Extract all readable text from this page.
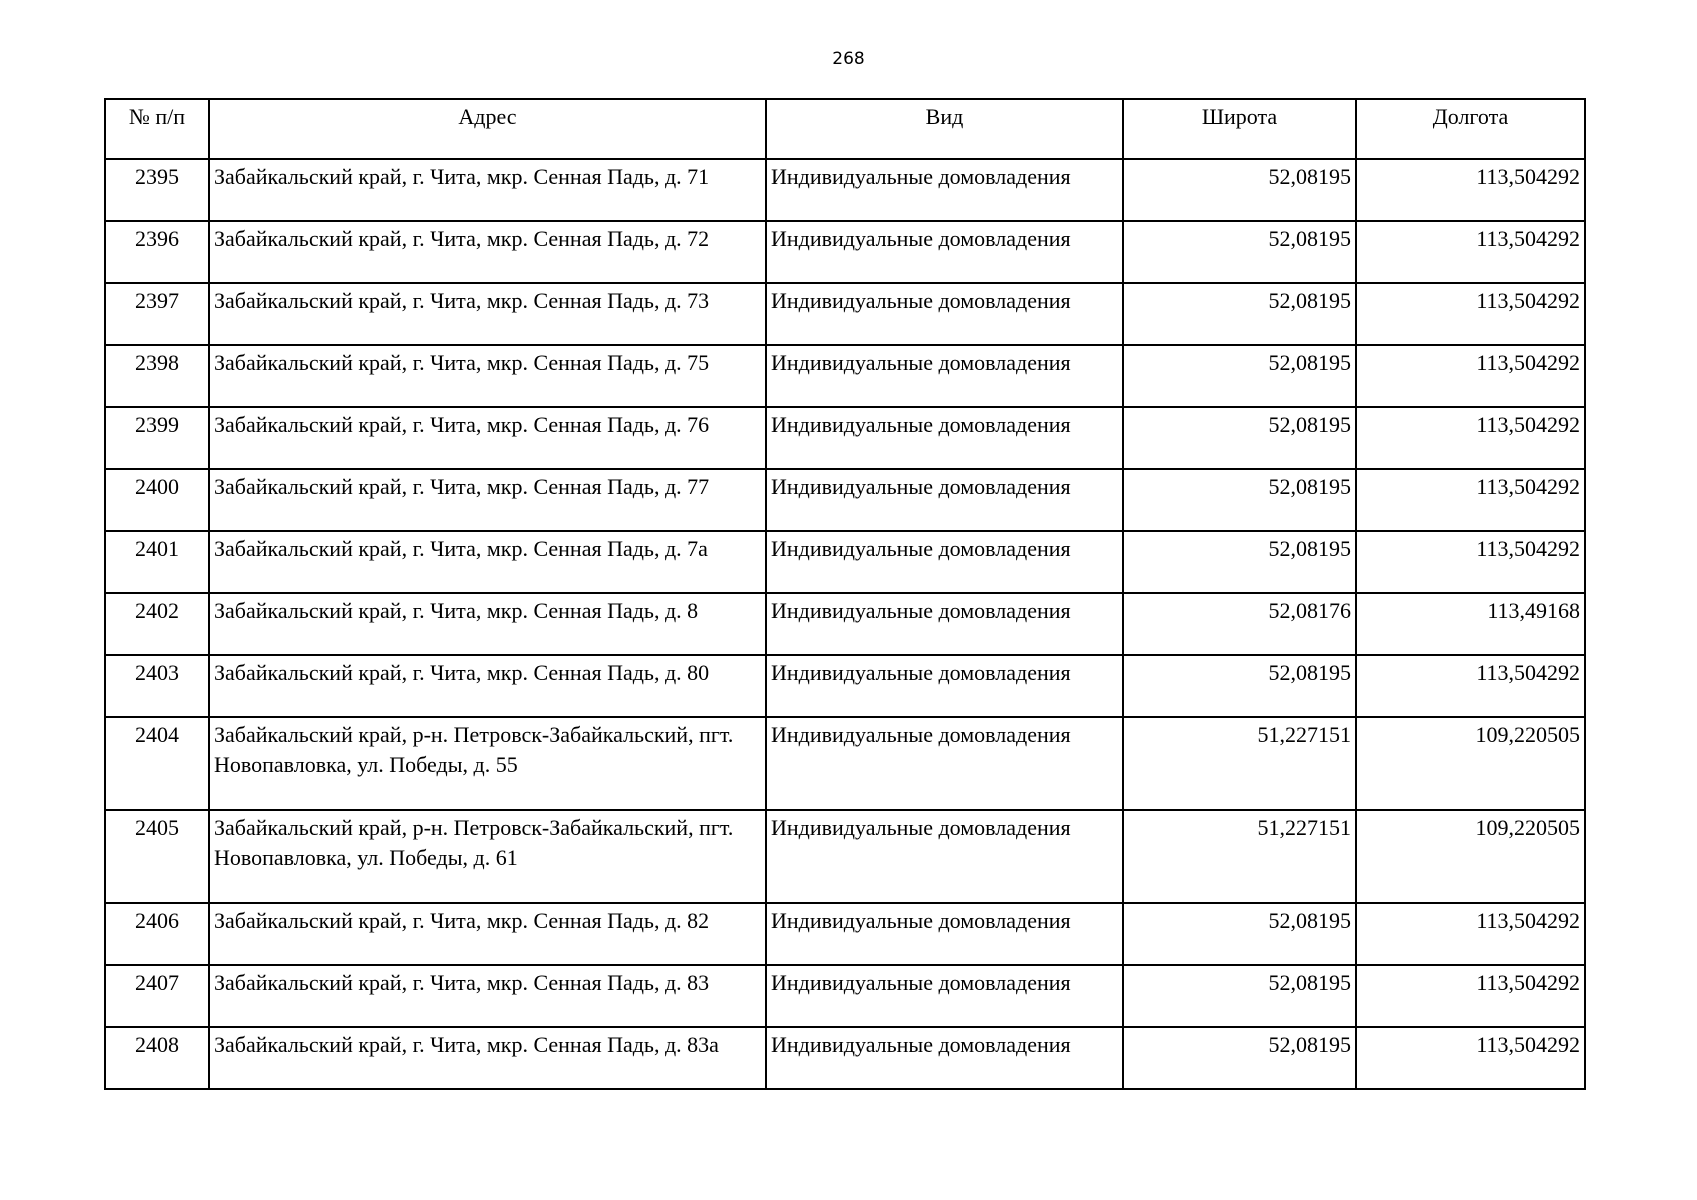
268
№ п/п	Адрес	Вид	Широта	Долгота
2395	Забайкальский край, г. Чита, мкр. Сенная Падь, д. 71	Индивидуальные домовладения	52,08195	113,504292
2396	Забайкальский край, г. Чита, мкр. Сенная Падь, д. 72	Индивидуальные домовладения	52,08195	113,504292
2397	Забайкальский край, г. Чита, мкр. Сенная Падь, д. 73	Индивидуальные домовладения	52,08195	113,504292
2398	Забайкальский край, г. Чита, мкр. Сенная Падь, д. 75	Индивидуальные домовладения	52,08195	113,504292
2399	Забайкальский край, г. Чита, мкр. Сенная Падь, д. 76	Индивидуальные домовладения	52,08195	113,504292
2400	Забайкальский край, г. Чита, мкр. Сенная Падь, д. 77	Индивидуальные домовладения	52,08195	113,504292
2401	Забайкальский край, г. Чита, мкр. Сенная Падь, д. 7а	Индивидуальные домовладения	52,08195	113,504292
2402	Забайкальский край, г. Чита, мкр. Сенная Падь, д. 8	Индивидуальные домовладения	52,08176	113,49168
2403	Забайкальский край, г. Чита, мкр. Сенная Падь, д. 80	Индивидуальные домовладения	52,08195	113,504292
2404	Забайкальский край, р-н. Петровск-Забайкальский, пгт. Новопавловка, ул. Победы, д. 55	Индивидуальные домовладения	51,227151	109,220505
2405	Забайкальский край, р-н. Петровск-Забайкальский, пгт. Новопавловка, ул. Победы, д. 61	Индивидуальные домовладения	51,227151	109,220505
2406	Забайкальский край, г. Чита, мкр. Сенная Падь, д. 82	Индивидуальные домовладения	52,08195	113,504292
2407	Забайкальский край, г. Чита, мкр. Сенная Падь, д. 83	Индивидуальные домовладения	52,08195	113,504292
2408	Забайкальский край, г. Чита, мкр. Сенная Падь, д. 83а	Индивидуальные домовладения	52,08195	113,504292
